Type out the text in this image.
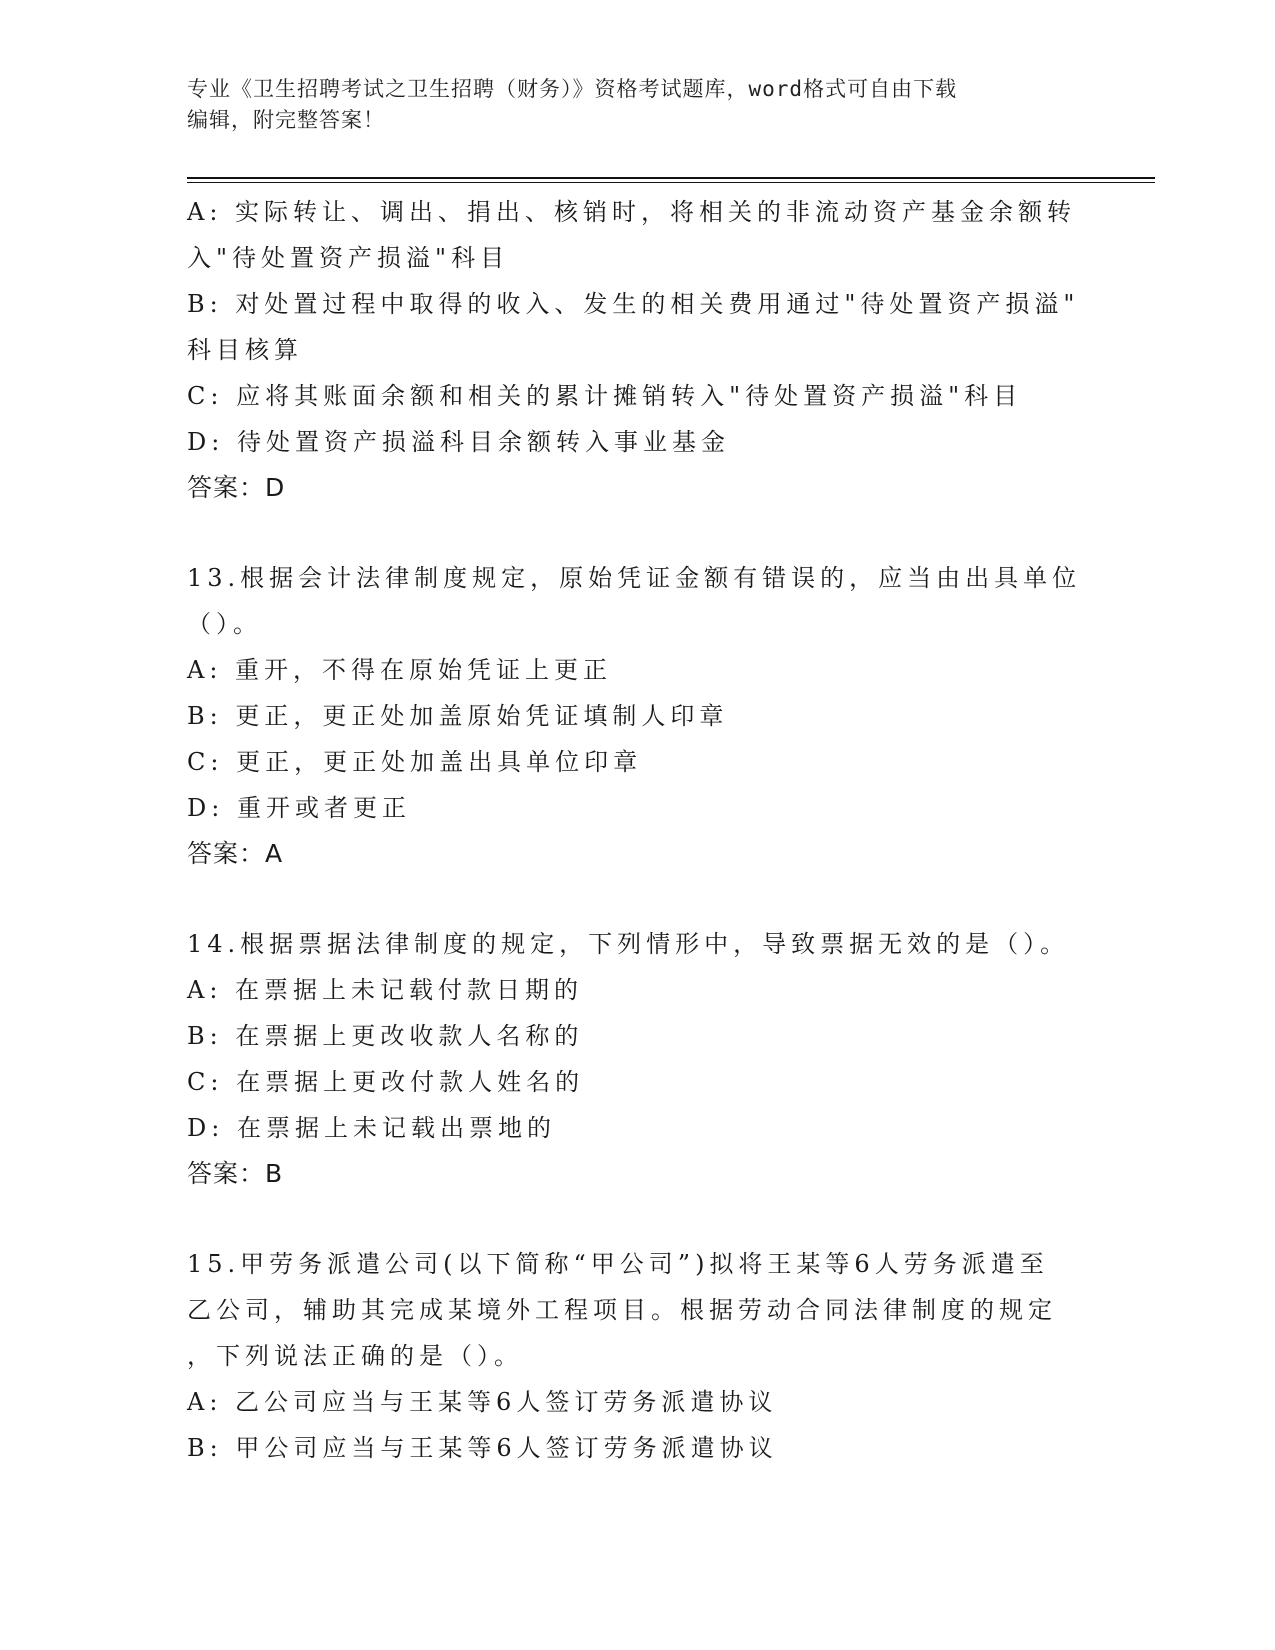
专业《卫生招聘考试之卫生招聘（财务）》资格考试题库，word格式可自由下载
编辑，附完整答案！
A: 实际转让、调出、捐出、核销时，将相关的非流动资产基金余额转
入"待处置资产损溢"科目
B: 对处置过程中取得的收入、发生的相关费用通过"待处置资产损溢"
科目核算
C: 应将其账面余额和相关的累计摊销转入"待处置资产损溢"科目
D: 待处置资产损溢科目余额转入事业基金
答案：D
13.根据会计法律制度规定，原始凭证金额有错误的，应当由出具单位
（）。
A: 重开，不得在原始凭证上更正
B: 更正，更正处加盖原始凭证填制人印章
C: 更正，更正处加盖出具单位印章
D: 重开或者更正
答案：A
14.根据票据法律制度的规定，下列情形中，导致票据无效的是（）。
A: 在票据上未记载付款日期的
B: 在票据上更改收款人名称的
C: 在票据上更改付款人姓名的
D: 在票据上未记载出票地的
答案：B
15.甲劳务派遣公司(以下简称“甲公司”)拟将王某等6人劳务派遣至
乙公司，辅助其完成某境外工程项目。根据劳动合同法律制度的规定
，下列说法正确的是（）。
A: 乙公司应当与王某等6人签订劳务派遣协议
B: 甲公司应当与王某等6人签订劳务派遣协议
